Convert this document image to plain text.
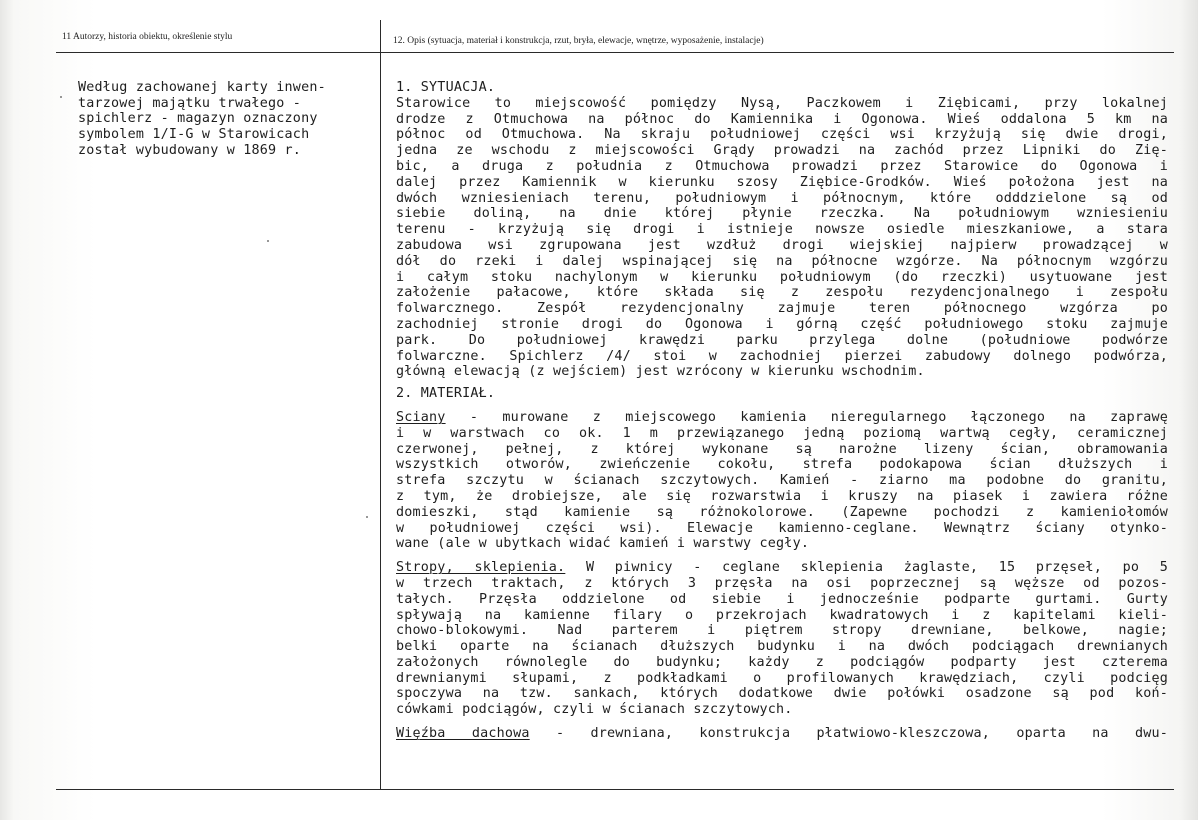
11 Autorzy, historia obiektu, określenie stylu	12. Opis (sytuacja, materiał i konstrukcja, rzut, bryła, elewacje, wnętrze, wyposażenie, instalacje)
Według zachowanej karty inwen-
tarzowej majątku trwałego -
spichlerz - magazyn oznaczony
symbolem 1/I-G w Starowicach
został wybudowany w 1869 r.
1. SYTUACJA.
Starowice to miejscowość pomiędzy Nysą, Paczkowem i Ziębicami, przy lokalnej
drodze z Otmuchowa na północ do Kamiennika i Ogonowa. Wieś oddalona 5 km na
północ od Otmuchowa. Na skraju południowej części wsi krzyżują się dwie drogi,
jedna ze wschodu z miejscowości Grądy prowadzi na zachód przez Lipniki do Zię-
bic, a druga z południa z Otmuchowa prowadzi przez Starowice do Ogonowa i
dalej przez Kamiennik w kierunku szosy Ziębice-Grodków. Wieś położona jest na
dwóch wzniesieniach terenu, południowym i północnym, które odddzielone są od
siebie doliną, na dnie której płynie rzeczka. Na południowym wzniesieniu
terenu - krzyżują się drogi i istnieje nowsze osiedle mieszkaniowe, a stara
zabudowa wsi zgrupowana jest wzdłuż drogi wiejskiej najpierw prowadzącej w
dół do rzeki i dalej wspinającej się na północne wzgórze. Na północnym wzgórzu
i całym stoku nachylonym w kierunku południowym (do rzeczki) usytuowane jest
założenie pałacowe, które składa się z zespołu rezydencjonalnego i zespołu
folwarcznego. Zespół rezydencjonalny zajmuje teren północnego wzgórza po
zachodniej stronie drogi do Ogonowa i górną część południowego stoku zajmuje
park. Do południowej krawędzi parku przylega dolne (południowe podwórze
folwarczne. Spichlerz /4/ stoi w zachodniej pierzei zabudowy dolnego podwórza,
główną elewacją (z wejściem) jest wzrócony w kierunku wschodnim.
2. MATERIAŁ.
Ściany - murowane z miejscowego kamienia nieregularnego łączonego na zaprawę
i w warstwach co ok. 1 m przewiązanego jedną poziomą wartwą cegły, ceramicznej
czerwonej, pełnej, z której wykonane są narożne lizeny ścian, obramowania
wszystkich otworów, zwieńczenie cokołu, strefa podokapowa ścian dłuższych i
strefa szczytu w ścianach szczytowych. Kamień - ziarno ma podobne do granitu,
z tym, że drobiejsze, ale się rozwarstwia i kruszy na piasek i zawiera różne
domieszki, stąd kamienie są różnokolorowe. (Zapewne pochodzi z kamieniołomów
w południowej części wsi). Elewacje kamienno-ceglane. Wewnątrz ściany otynko-
wane (ale w ubytkach widać kamień i warstwy cegły.
Stropy, sklepienia. W piwnicy - ceglane sklepienia żaglaste, 15 przęseł, po 5
w trzech traktach, z których 3 przęsła na osi poprzecznej są węższe od pozos-
tałych. Przęsła oddzielone od siebie i jednocześnie podparte gurtami. Gurty
spływają na kamienne filary o przekrojach kwadratowych i z kapitelami kieli-
chowo-blokowymi. Nad parterem i piętrem stropy drewniane, belkowe, nagie;
belki oparte na ścianach dłuższych budynku i na dwóch podciągach drewnianych
założonych równolegle do budynku; każdy z podciągów podparty jest czterema
drewnianymi słupami, z podkładkami o profilowanych krawędziach, czyli podcięg
spoczywa na tzw. sankach, których dodatkowe dwie połówki osadzone są pod koń-
cówkami podciągów, czyli w ścianach szczytowych.
Więźba dachowa - drewniana, konstrukcja płatwiowo-kleszczowa, oparta na dwu-
